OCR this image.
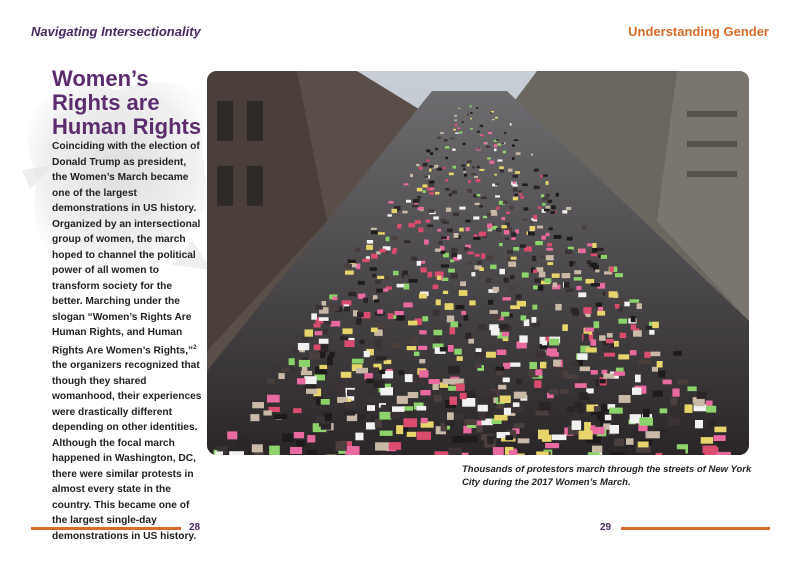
Navigating Intersectionality	Understanding Gender
Women’s Rights are Human Rights
Coinciding with the election of Donald Trump as president, the Women’s March became one of the largest demonstrations in US history. Organized by an intersectional group of women, the march hoped to channel the political power of all women to transform society for the better. Marching under the slogan “Women’s Rights Are Human Rights, and Human Rights Are Women’s Rights,”$^2$ the organizers recognized that though they shared womanhood, their experiences were drastically different depending on other identities. Although the focal march happened in Washington, DC, there were similar protests in almost every state in the country. This became one of the largest single-day demonstrations in US history.
Thousands of protestors march through the streets of New York City during the 2017 Women’s March.
28	29
